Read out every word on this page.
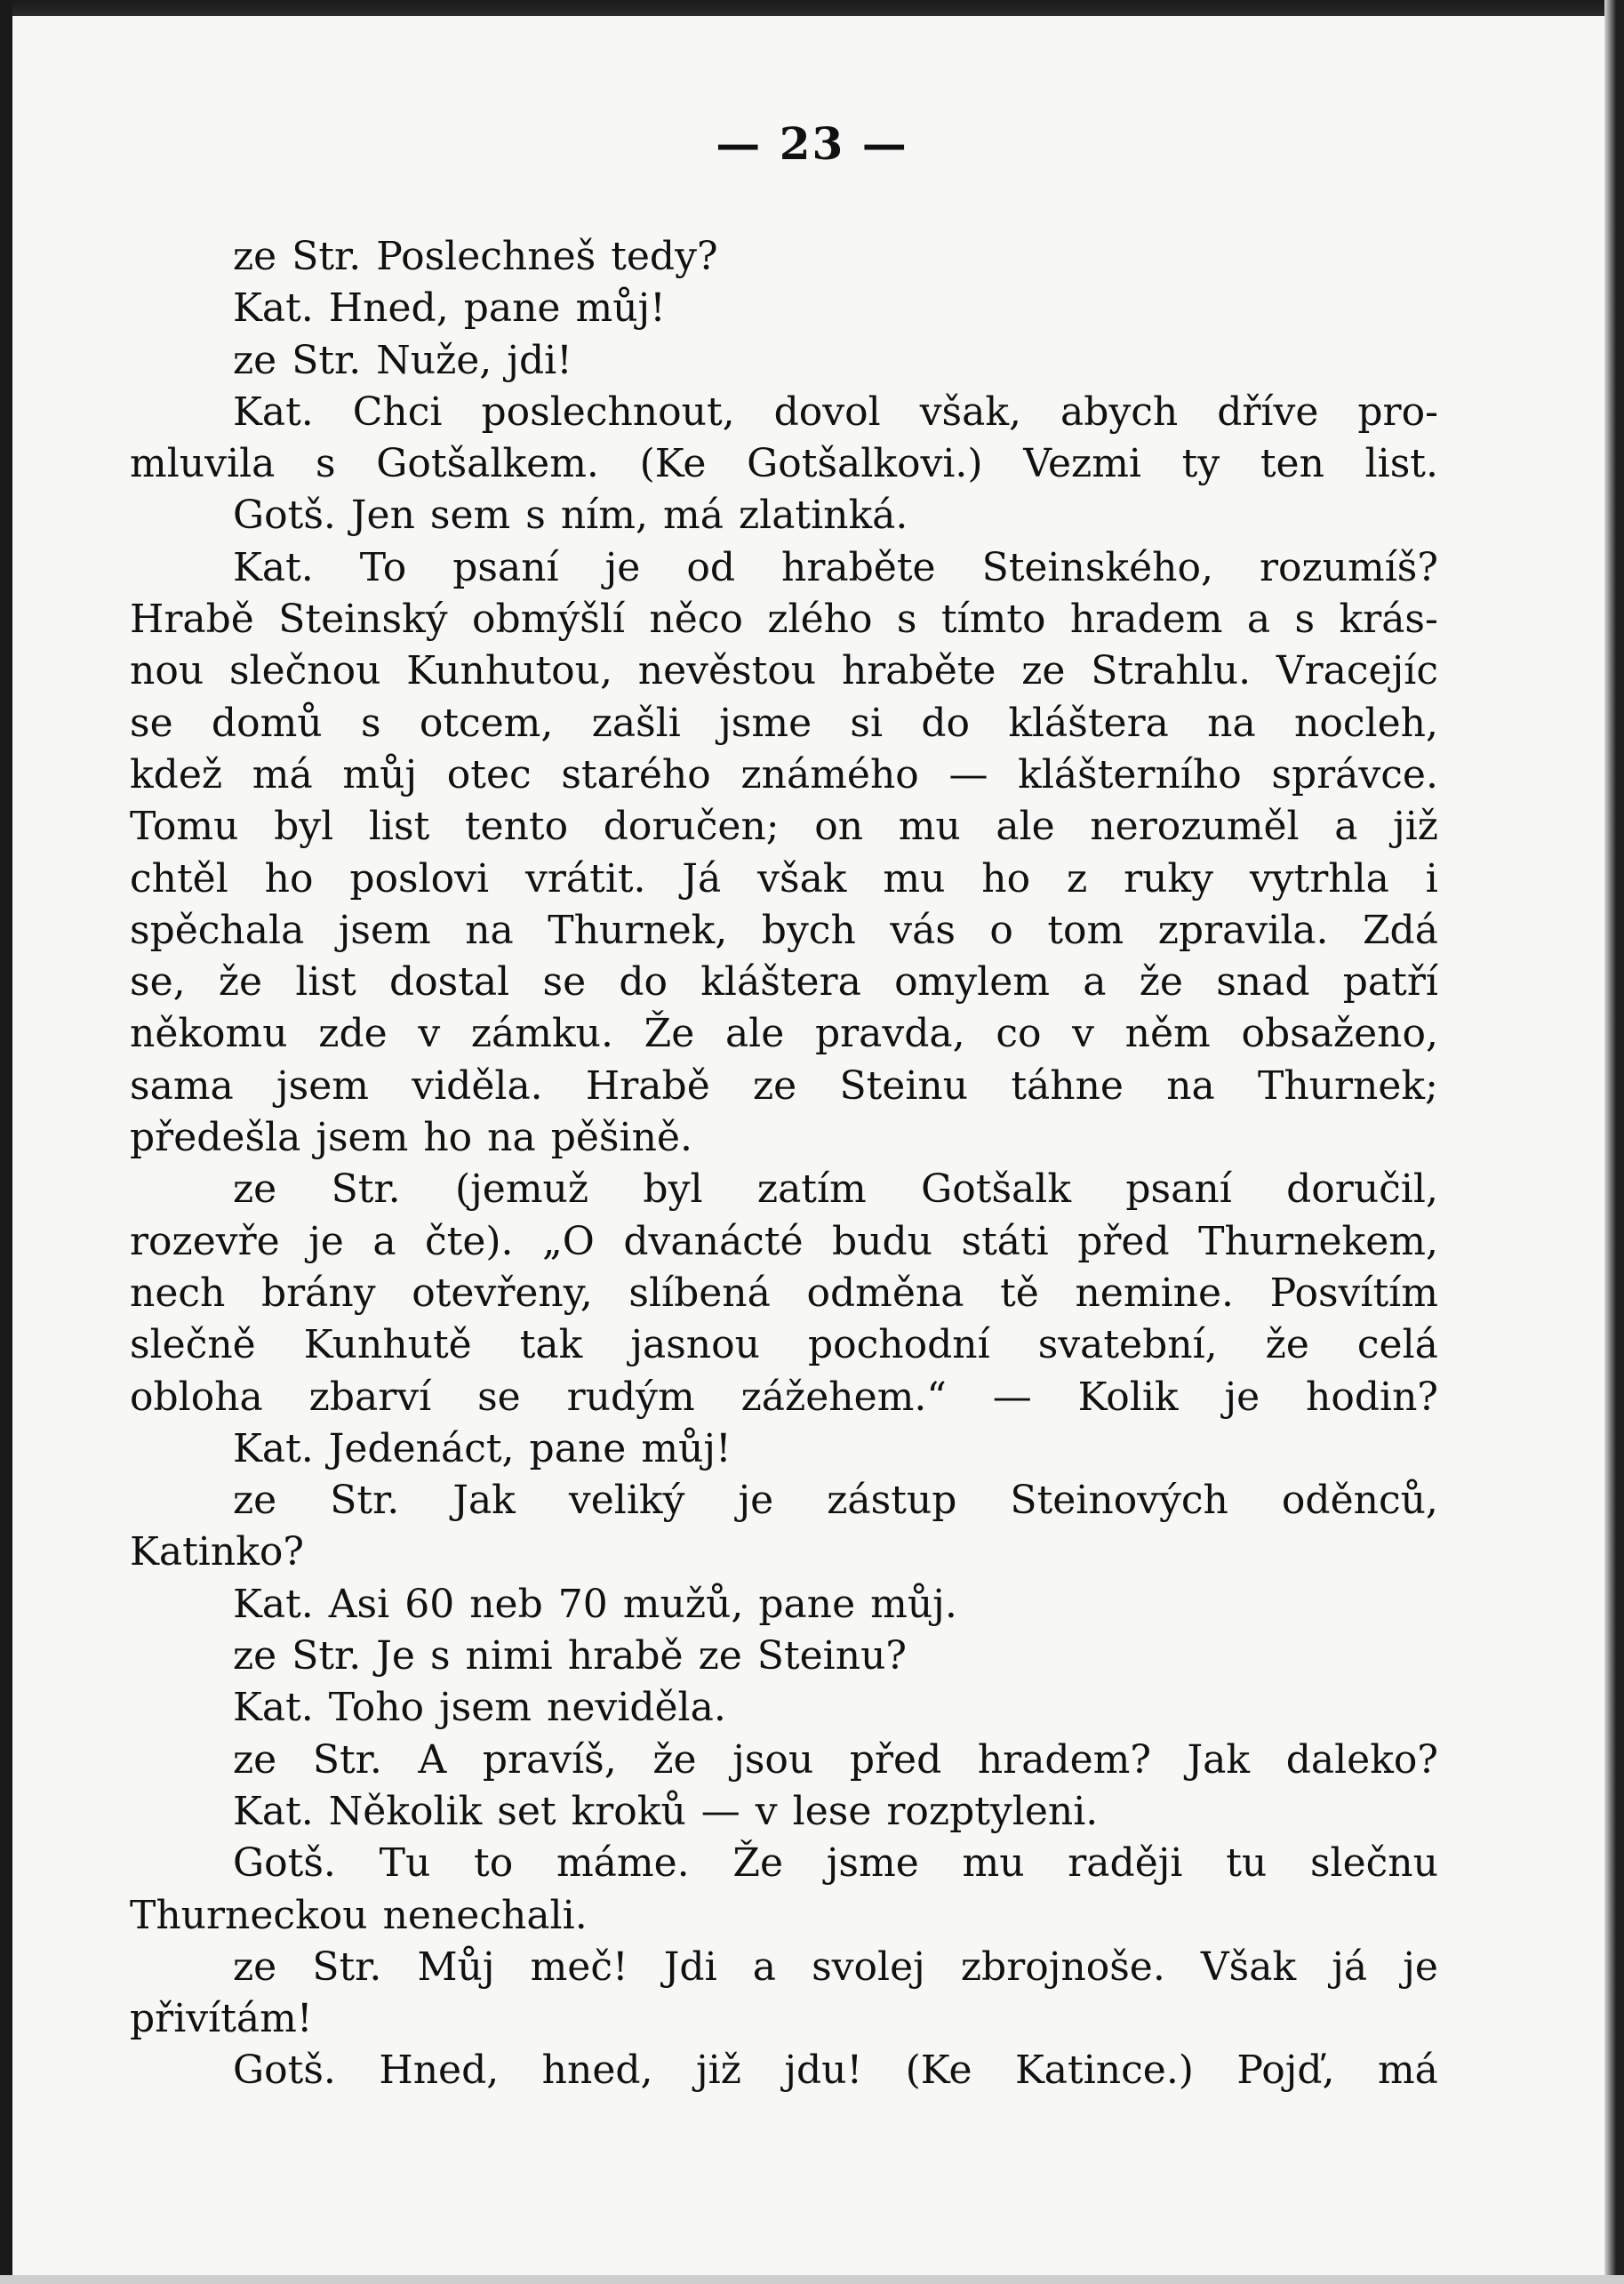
— 23 —
ze Str. Poslechneš tedy?
Kat. Hned, pane můj!
ze Str. Nuže, jdi!
Kat. Chci poslechnout, dovol však, abych dříve pro-
mluvila s Gotšalkem. (Ke Gotšalkovi.) Vezmi ty ten list.
Gotš. Jen sem s ním, má zlatinká.
Kat. To psaní je od hraběte Steinského, rozumíš?
Hrabě Steinský obmýšlí něco zlého s tímto hradem a s krás-
nou slečnou Kunhutou, nevěstou hraběte ze Strahlu. Vracejíc
se domů s otcem, zašli jsme si do kláštera na nocleh,
kdež má můj otec starého známého — klášterního správce.
Tomu byl list tento doručen; on mu ale nerozuměl a již
chtěl ho poslovi vrátit. Já však mu ho z ruky vytrhla i
spěchala jsem na Thurnek, bych vás o tom zpravila. Zdá
se, že list dostal se do kláštera omylem a že snad patří
někomu zde v zámku. Že ale pravda, co v něm obsaženo,
sama jsem viděla. Hrabě ze Steinu táhne na Thurnek;
předešla jsem ho na pěšině.
ze Str. (jemuž byl zatím Gotšalk psaní doručil,
rozevře je a čte). „O dvanácté budu státi před Thurnekem,
nech brány otevřeny, slíbená odměna tě nemine. Posvítím
slečně Kunhutě tak jasnou pochodní svatební, že celá
obloha zbarví se rudým zážehem.“ — Kolik je hodin?
Kat. Jedenáct, pane můj!
ze Str. Jak veliký je zástup Steinových oděnců,
Katinko?
Kat. Asi 60 neb 70 mužů, pane můj.
ze Str. Je s nimi hrabě ze Steinu?
Kat. Toho jsem neviděla.
ze Str. A pravíš, že jsou před hradem? Jak daleko?
Kat. Několik set kroků — v lese rozptyleni.
Gotš. Tu to máme. Že jsme mu raději tu slečnu
Thurneckou nenechali.
ze Str. Můj meč! Jdi a svolej zbrojnoše. Však já je
přivítám!
Gotš. Hned, hned, již jdu! (Ke Katince.) Pojď, má
